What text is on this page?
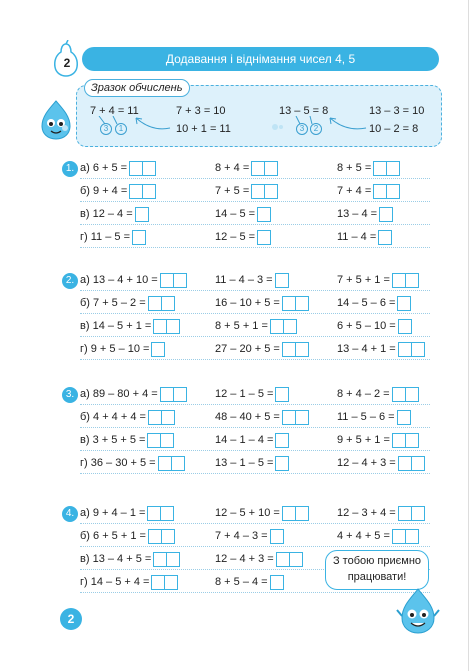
2	Додавання і віднімання чисел 4, 5
Зразок обчислень
7 + 4 = 11
3	1
7 + 3 = 10
10 + 1 = 11
13 – 5 = 8
3	2
13 – 3 = 10
10 – 2 = 8
1. а) 6 + 5 =	8 + 4 =	8 + 5 =
б) 9 + 4 =	7 + 5 =	7 + 4 =
в) 12 – 4 =	14 – 5 =	13 – 4 =
г) 11 – 5 =	12 – 5 =	11 – 4 =
2. а) 13 – 4 + 10 =	11 – 4 – 3 =	7 + 5 + 1 =
б) 7 + 5 – 2 =	16 – 10 + 5 =	14 – 5 – 6 =
в) 14 – 5 + 1 =	8 + 5 + 1 =	6 + 5 – 10 =
г) 9 + 5 – 10 =	27 – 20 + 5 =	13 – 4 + 1 =
3. а) 89 – 80 + 4 =	12 – 1 – 5 =	8 + 4 – 2 =
б) 4 + 4 + 4 =	48 – 40 + 5 =	11 – 5 – 6 =
в) 3 + 5 + 5 =	14 – 1 – 4 =	9 + 5 + 1 =
г) 36 – 30 + 5 =	13 – 1 – 5 =	12 – 4 + 3 =
4. а) 9 + 4 – 1 =	12 – 5 + 10 =	12 – 3 + 4 =
б) 6 + 5 + 1 =	7 + 4 – 3 =	4 + 4 + 5 =
в) 13 – 4 + 5 =	12 – 4 + 3 =
г) 14 – 5 + 4 =	8 + 5 – 4 =
З тобою приємно
працювати!
2
